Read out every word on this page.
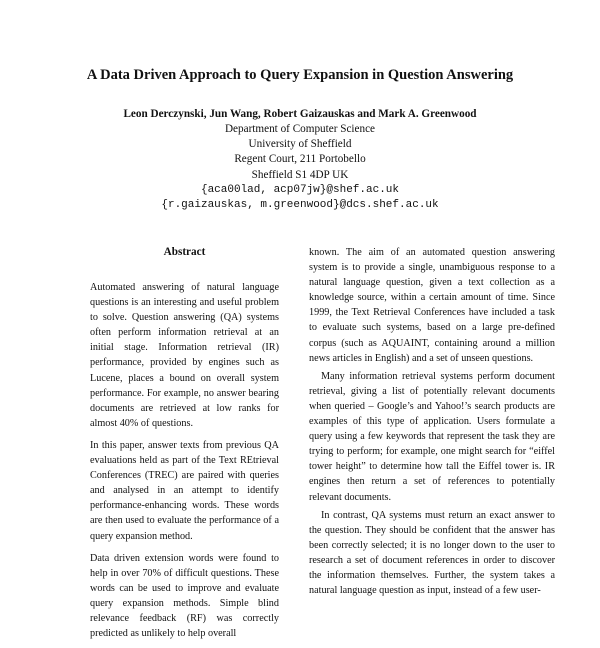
A Data Driven Approach to Query Expansion in Question Answering
Leon Derczynski, Jun Wang, Robert Gaizauskas and Mark A. Greenwood
Department of Computer Science
University of Sheffield
Regent Court, 211 Portobello
Sheffield S1 4DP UK
{aca00lad, acp07jw}@shef.ac.uk
{r.gaizauskas, m.greenwood}@dcs.shef.ac.uk
Abstract

Automated answering of natural language questions is an interesting and useful problem to solve. Question answering (QA) systems often perform information retrieval at an initial stage. Information retrieval (IR) performance, provided by engines such as Lucene, places a bound on overall system performance. For example, no answer bearing documents are retrieved at low ranks for almost 40% of questions.

In this paper, answer texts from previous QA evaluations held as part of the Text REtrieval Conferences (TREC) are paired with queries and analysed in an attempt to identify performance-enhancing words. These words are then used to evaluate the performance of a query expansion method.

Data driven extension words were found to help in over 70% of difficult questions. These words can be used to improve and evaluate query expansion methods. Simple blind relevance feedback (RF) was correctly predicted as unlikely to help overall

known. The aim of an automated question answering system is to provide a single, unambiguous response to a natural language question, given a text collection as a knowledge source, within a certain amount of time. Since 1999, the Text Retrieval Conferences have included a task to evaluate such systems, based on a large pre-defined corpus (such as AQUAINT, containing around a million news articles in English) and a set of unseen questions.

Many information retrieval systems perform document retrieval, giving a list of potentially relevant documents when queried – Google’s and Yahoo!’s search products are examples of this type of application. Users formulate a query using a few keywords that represent the task they are trying to perform; for example, one might search for “eiffel tower height” to determine how tall the Eiffel tower is. IR engines then return a set of references to potentially relevant documents.

In contrast, QA systems must return an exact answer to the question. They should be confident that the answer has been correctly selected; it is no longer down to the user to research a set of document references in order to discover the information themselves. Further, the system takes a natural language question as input, instead of a few user-
